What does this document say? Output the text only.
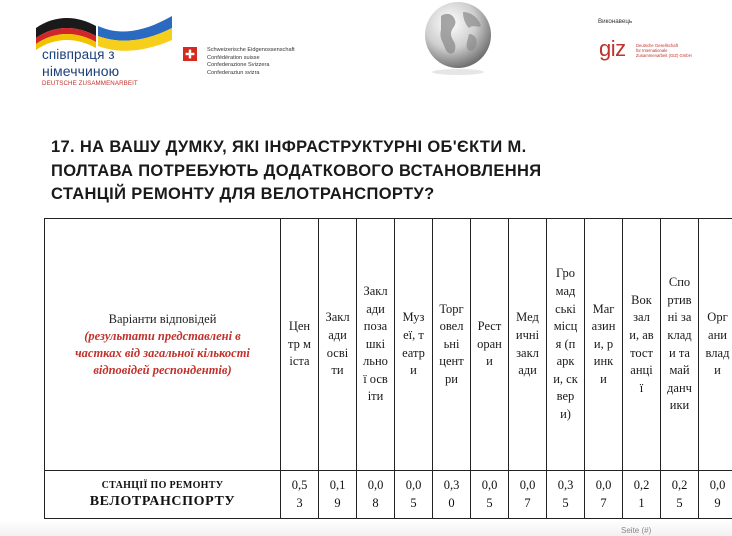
співпраця з
німеччиною
DEUTSCHE ZUSAMMENARBEIT
Schweizerische Eidgenossenschaft
Confédération suisse
Confederazione Svizzera
Confederaziun svizra
Виконавець
giz Deutsche Gesellschaft
für Internationale
Zusammenarbeit (GIZ) GmbH
17. НА ВАШУ ДУМКУ, ЯКІ ІНФРАСТРУКТУРНІ ОБ'ЄКТИ М.
ПОЛТАВА ПОТРЕБУЮТЬ ДОДАТКОВОГО ВСТАНОВЛЕННЯ
СТАНЦІЙ РЕМОНТУ ДЛЯ ВЕЛОТРАНСПОРТУ?
Варіанти відповідей
(результати представлені в частках від загальної кількості відповідей респондентів)
Центр міста
Заклади освіти
Заклади позашкільної освіти
Музеї, театри
Торговельні центри
Ресторани
Медичні заклади
Громадські місця (парки, сквери)
Магазини, ринки
Вокзали, автостанції
Спортивні заклади та майданчики
Органи влади
СТАНЦІЇ ПО РЕМОНТУ
ВЕЛОТРАНСПОРТУ
0,53
0,19
0,08
0,05
0,30
0,05
0,07
0,35
0,07
0,21
0,25
0,09
Seite (#)
